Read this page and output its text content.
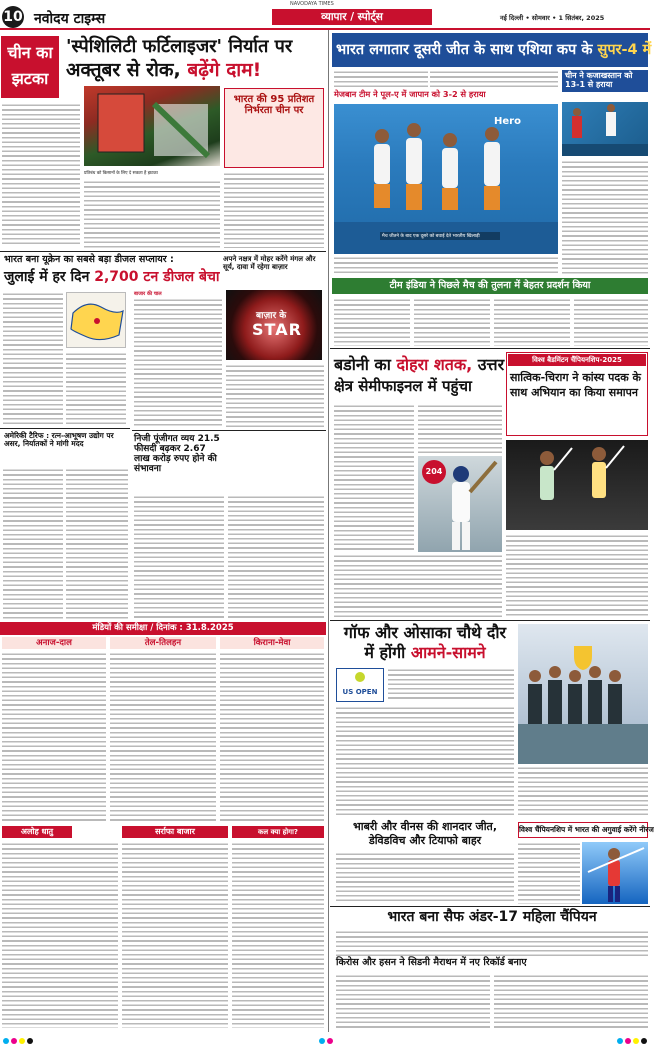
10 नवोदय टाइम्स
NAVODAYA TIMES
व्यापार / स्पोर्ट्स	नई दिल्ली • सोमवार • 1 सितंबर, 2025
चीन का
झटका
'स्पेशिलिटी फर्टिलाइजर' निर्यात पर
अक्तूबर से रोक, बढ़ेंगे दाम!
भारत की 95 प्रतिशत निर्भरता चीन पर
प्रतिबंध को किसानों के लिए दे सकता है झटका
भारत बना यूक्रेन का सबसे बड़ा डीजल सप्लायर :
जुलाई में हर दिन 2,700 टन डीजल बेचा
अमेरिकी टैरिफ : रत्न-आभूषण उद्योग पर असर, निर्यातकों ने मांगी मदद	निजी पूंजीगत व्यय 21.5 फीसदी बढ़कर 2.67 लाख करोड़ रुपए होने की संभावना
अपने नक्षत्र में मोहर करेंगे मंगल और सूर्य, दावा में रहेगा बाज़ार
बाजार की चाल
बाज़ार के
STAR
मंडियों की समीक्षा / दिनांक : 31.8.2025
अनाज-दाल	तेल-तिलहन	किराना-मेवा
अलोह धातु	सर्राफा बाजार	कल क्या होगा?
भारत लगातार दूसरी जीत के साथ एशिया कप के सुपर-4 में
मेजबान टीम ने पूल-ए में जापान को 3-2 से हराया
Hero
मैच जीतने के बाद एक दूसरे को बधाई देते भारतीय खिलाड़ी
चीन ने कजाखस्तान को 13-1 से हराया
टीम इंडिया ने पिछले मैच की तुलना में बेहतर प्रदर्शन किया
बडोनी का दोहरा शतक, उत्तर
क्षेत्र सेमीफाइनल में पहुंचा
204
विश्व बैडमिंटन चैंपियनशिप-2025
सात्विक-चिराग ने कांस्य पदक के साथ अभियान का किया समापन
गॉफ और ओसाका चौथे दौर
में होंगी आमने-सामने
US OPEN
भाबरी और वीनस की शानदार जीत, डेविडविच और टियाफो बाहर
विश्व चैंपियनशिप में भारत की अगुवाई करेंगे नीरज
भारत बना सैफ अंडर-17 महिला चैंपियन
किरोस और हसन ने सिडनी मैराथन में नए रिकॉर्ड बनाए
